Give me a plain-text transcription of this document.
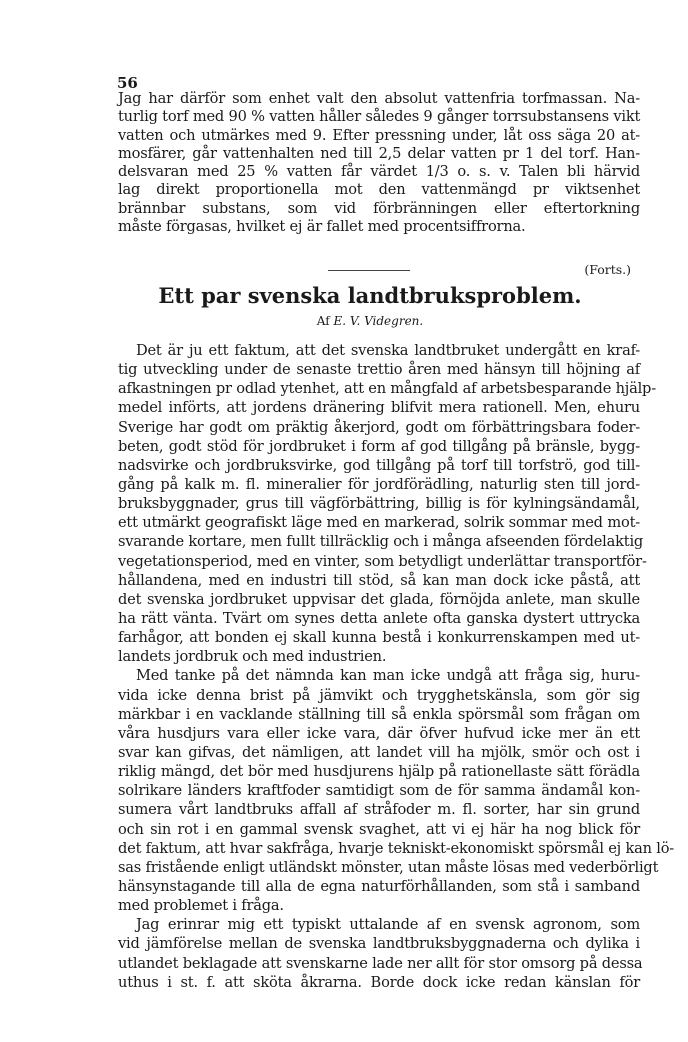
56
Jag har därför som enhet valt den absolut vattenfria torfmassan. Na-
turlig torf med 90 % vatten håller således 9 gånger torrsubstansens vikt
vatten och utmärkes med 9. Efter pressning under, låt oss säga 20 at-
mosfärer, går vattenhalten ned till 2,5 delar vatten pr 1 del torf. Han-
delsvaran med 25 % vatten får värdet 1/3 o. s. v. Talen bli härvid
lag direkt proportionella mot den vattenmängd pr viktsenhet
brännbar substans, som vid förbränningen eller eftertorkning
måste förgasas, hvilket ej är fallet med procentsiffrorna.
(Forts.)
Ett par svenska landtbruksproblem.
Af E. V. Videgren.
Det är ju ett faktum, att det svenska landtbruket undergått en kraf-
tig utveckling under de senaste trettio åren med hänsyn till höjning af
afkastningen pr odlad ytenhet, att en mångfald af arbetsbesparande hjälp-
medel införts, att jordens dränering blifvit mera rationell. Men, ehuru
Sverige har godt om präktig åkerjord, godt om förbättringsbara foder-
beten, godt stöd för jordbruket i form af god tillgång på bränsle, bygg-
nadsvirke och jordbruksvirke, god tillgång på torf till torfströ, god till-
gång på kalk m. fl. mineralier för jordförädling, naturlig sten till jord-
bruksbyggnader, grus till vägförbättring, billig is för kylningsändamål,
ett utmärkt geografiskt läge med en markerad, solrik sommar med mot-
svarande kortare, men fullt tillräcklig och i många afseenden fördelaktig
vegetationsperiod, med en vinter, som betydligt underlättar transportför-
hållandena, med en industri till stöd, så kan man dock icke påstå, att
det svenska jordbruket uppvisar det glada, förnöjda anlete, man skulle
ha rätt vänta. Tvärt om synes detta anlete ofta ganska dystert uttrycka
farhågor, att bonden ej skall kunna bestå i konkurrenskampen med ut-
landets jordbruk och med industrien.
Med tanke på det nämnda kan man icke undgå att fråga sig, huru-
vida icke denna brist på jämvikt och trygghetskänsla, som gör sig
märkbar i en vacklande ställning till så enkla spörsmål som frågan om
våra husdjurs vara eller icke vara, där öfver hufvud icke mer än ett
svar kan gifvas, det nämligen, att landet vill ha mjölk, smör och ost i
riklig mängd, det bör med husdjurens hjälp på rationellaste sätt förädla
solrikare länders kraftfoder samtidigt som de för samma ändamål kon-
sumera vårt landtbruks affall af stråfoder m. fl. sorter, har sin grund
och sin rot i en gammal svensk svaghet, att vi ej här ha nog blick för
det faktum, att hvar sakfråga, hvarje tekniskt-ekonomiskt spörsmål ej kan lö-
sas fristående enligt utländskt mönster, utan måste lösas med vederbörligt
hänsynstagande till alla de egna naturförhållanden, som stå i samband
med problemet i fråga.
Jag erinrar mig ett typiskt uttalande af en svensk agronom, som
vid jämförelse mellan de svenska landtbruksbyggnaderna och dylika i
utlandet beklagade att svenskarne lade ner allt för stor omsorg på dessa
uthus i st. f. att sköta åkrarna. Borde dock icke redan känslan för
